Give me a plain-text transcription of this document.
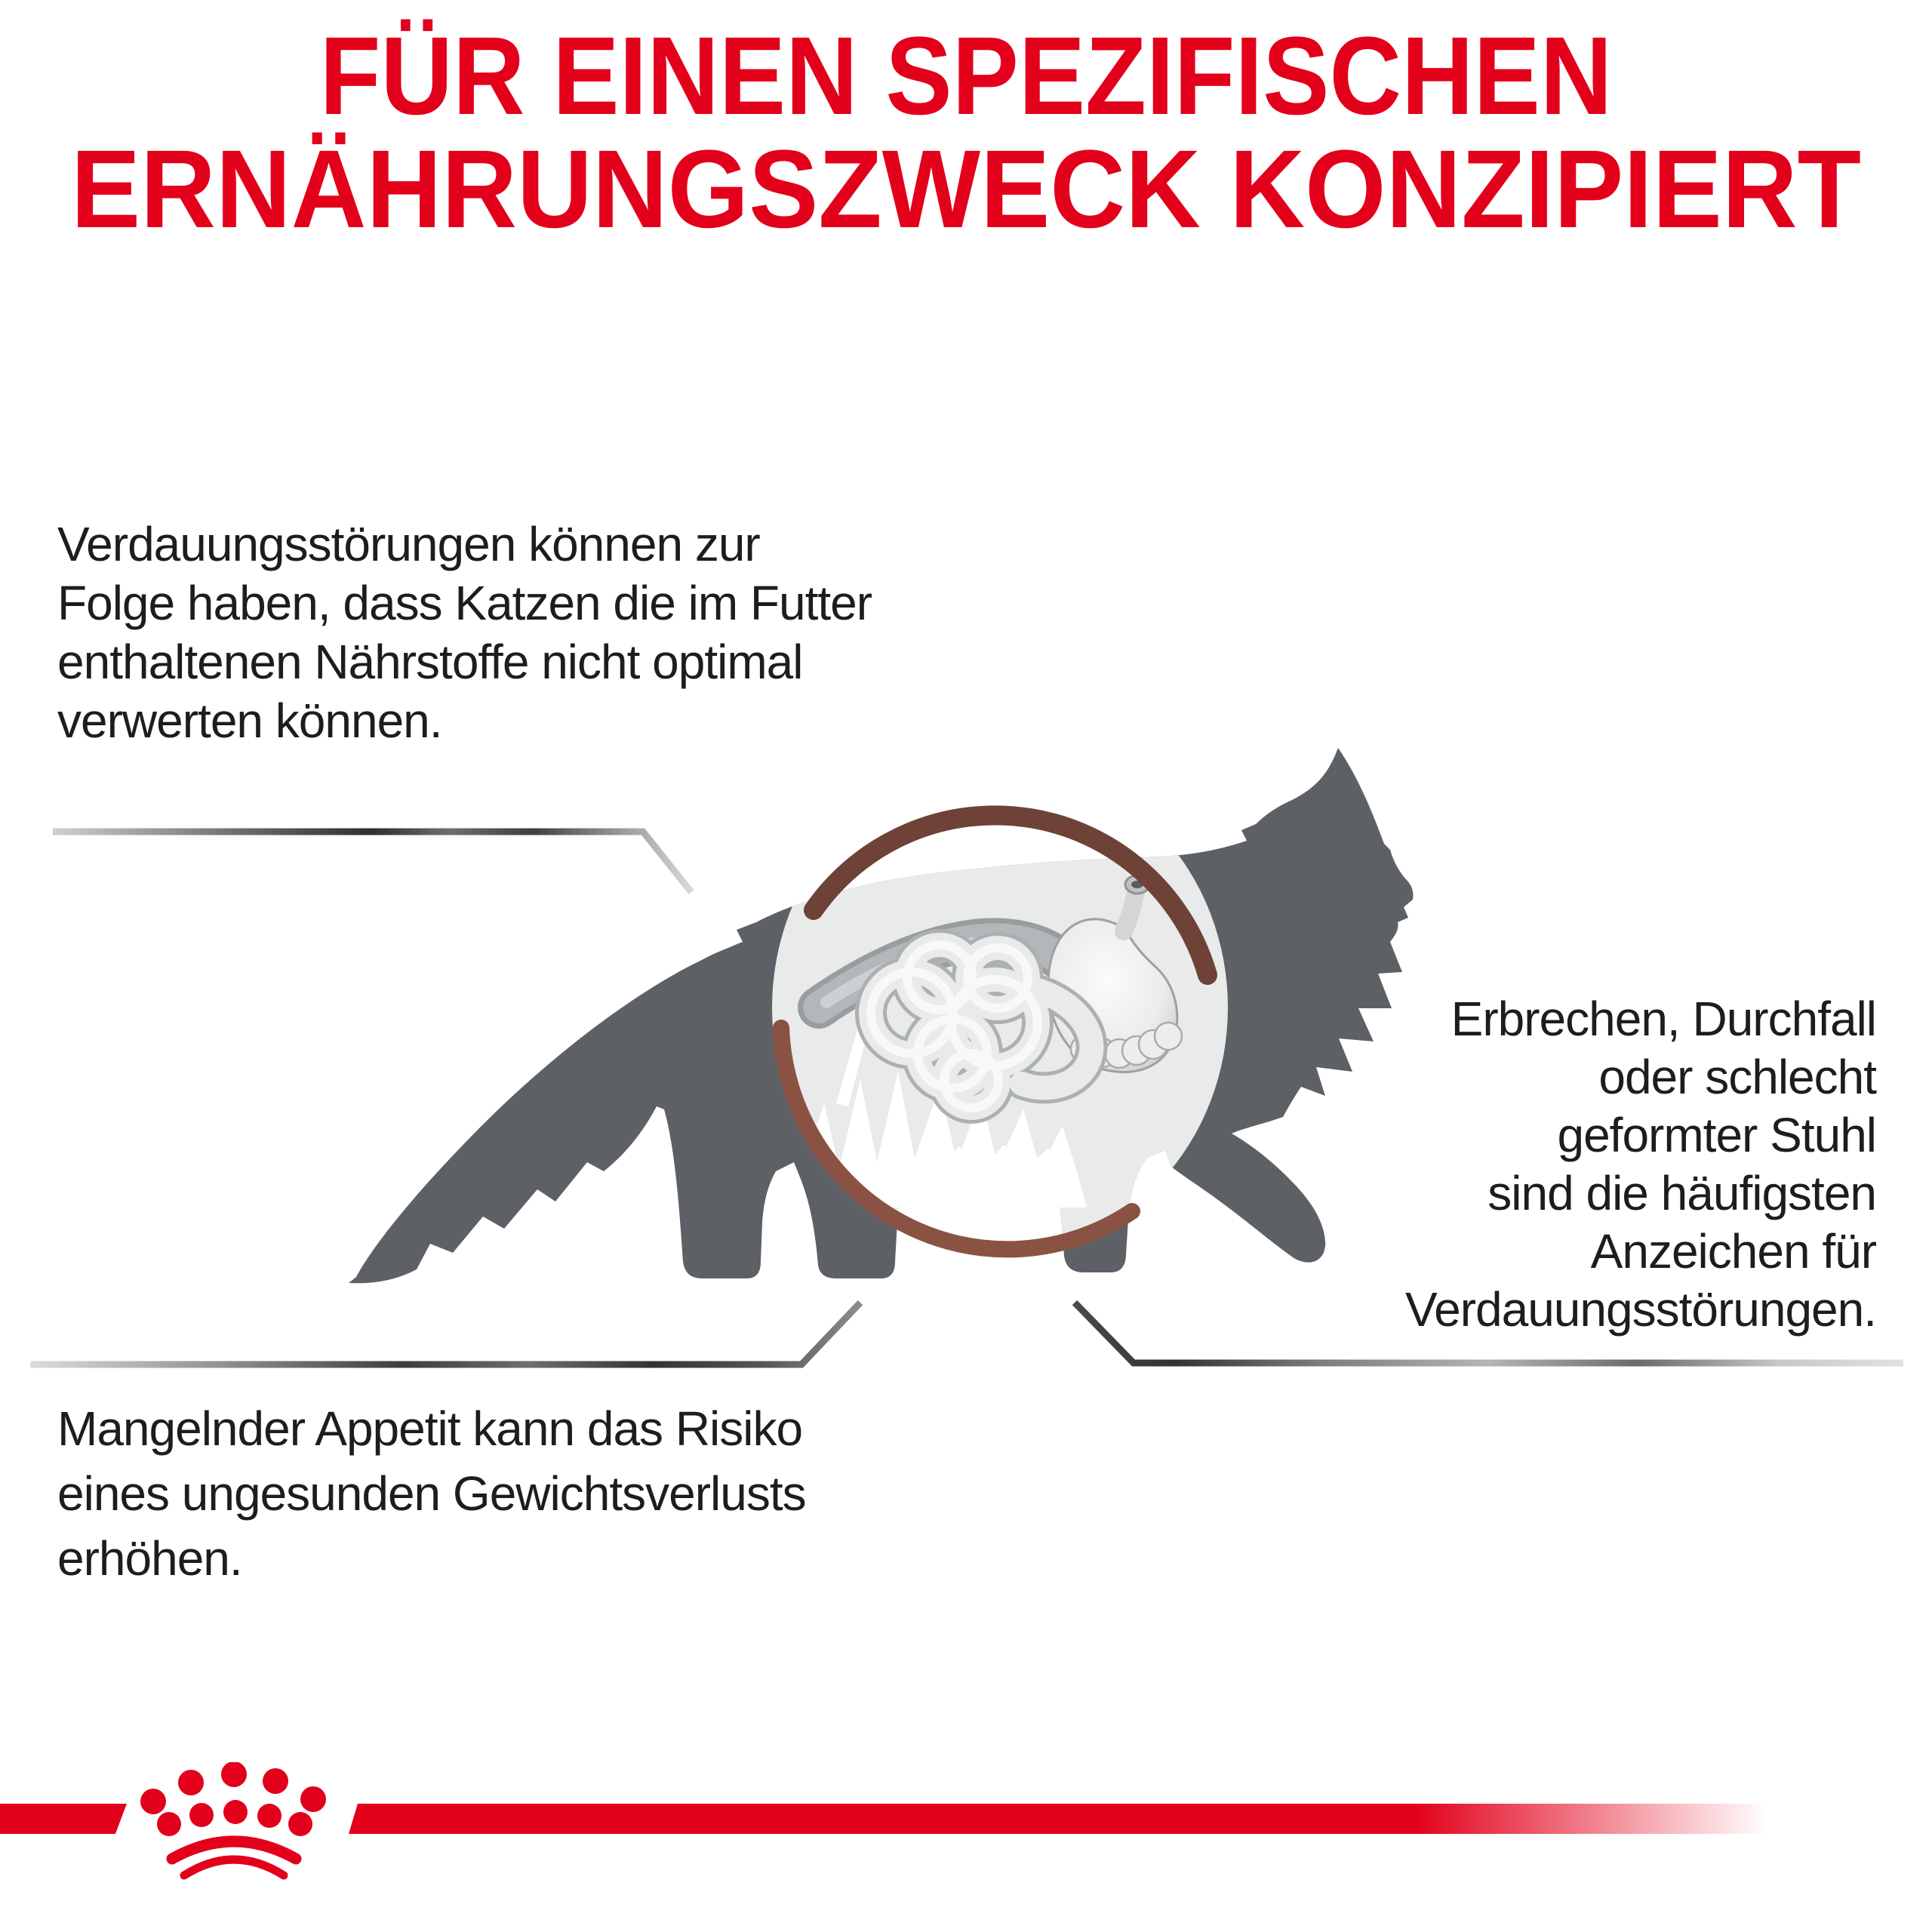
FÜR EINEN SPEZIFISCHEN
ERNÄHRUNGSZWECK KONZIPIERT
Verdauungsstörungen können zur
Folge haben, dass Katzen die im Futter
enthaltenen Nährstoffe nicht optimal
verwerten können.
Erbrechen, Durchfall
oder schlecht
geformter Stuhl
sind die häufigsten
Anzeichen für
Verdauungsstörungen.
Mangelnder Appetit kann das Risiko
eines ungesunden Gewichtsverlusts
erhöhen.
